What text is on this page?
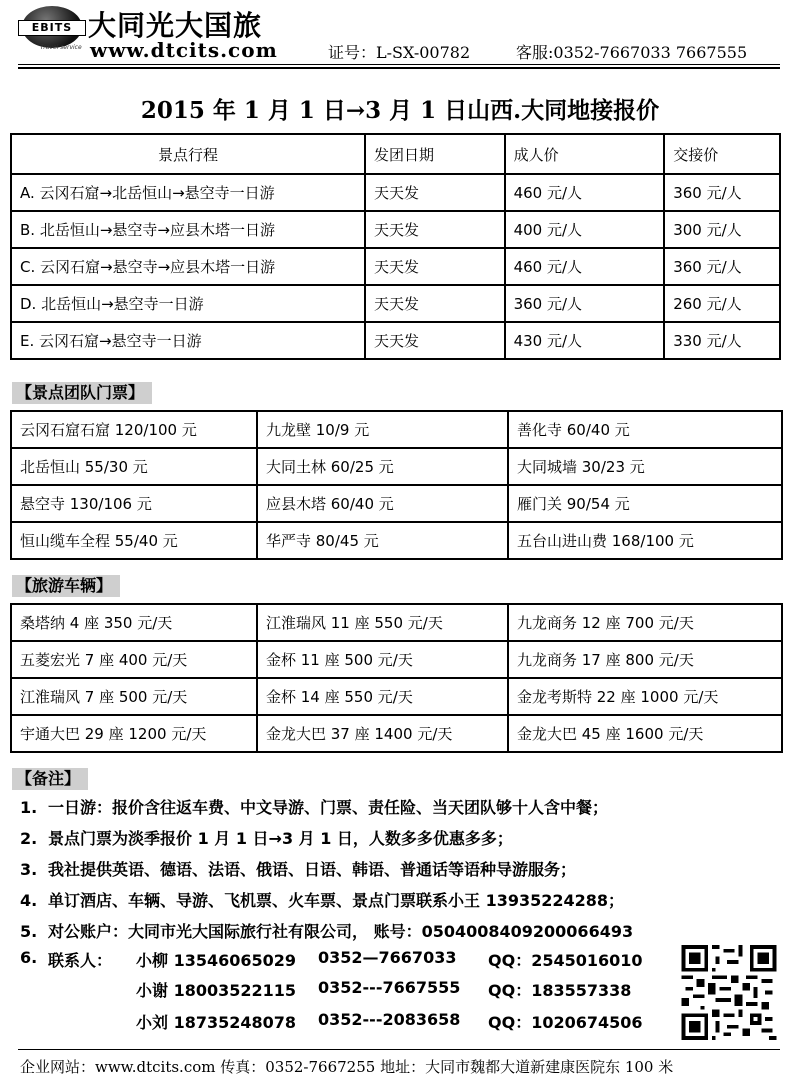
EBITS
Travel service
大同光大国旅
www.dtcits.com	证号：L-SX-00782	客服:0352-7667033 7667555
2015 年 1 月 1 日→3 月 1 日山西.大同地接报价
景点行程	发团日期	成人价	交接价
A. 云冈石窟→北岳恒山→悬空寺一日游	天天发	460 元/人	360 元/人
B. 北岳恒山→悬空寺→应县木塔一日游	天天发	400 元/人	300 元/人
C. 云冈石窟→悬空寺→应县木塔一日游	天天发	460 元/人	360 元/人
D. 北岳恒山→悬空寺一日游	天天发	360 元/人	260 元/人
E. 云冈石窟→悬空寺一日游	天天发	430 元/人	330 元/人
【景点团队门票】
云冈石窟石窟 120/100 元	九龙壁 10/9 元	善化寺 60/40 元
北岳恒山 55/30 元	大同土林 60/25 元	大同城墙 30/23 元
悬空寺 130/106 元	应县木塔 60/40 元	雁门关 90/54 元
恒山缆车全程 55/40 元	华严寺 80/45 元	五台山进山费 168/100 元
【旅游车辆】
桑塔纳 4 座 350 元/天	江淮瑞风 11 座 550 元/天	九龙商务 12 座 700 元/天
五菱宏光 7 座 400 元/天	金杯 11 座 500 元/天	九龙商务 17 座 800 元/天
江淮瑞风 7 座 500 元/天	金杯 14 座 550 元/天	金龙考斯特 22 座 1000 元/天
宇通大巴 29 座 1200 元/天	金龙大巴 37 座 1400 元/天	金龙大巴 45 座 1600 元/天
【备注】
1. 一日游：报价含往返车费、中文导游、门票、责任险、当天团队够十人含中餐；
2. 景点门票为淡季报价 1 月 1 日→3 月 1 日，人数多多优惠多多；
3. 我社提供英语、德语、法语、俄语、日语、韩语、普通话等语种导游服务；
4. 单订酒店、车辆、导游、飞机票、火车票、景点门票联系小王 13935224288；
5. 对公账户：大同市光大国际旅行社有限公司， 账号：0504008409200066493
6. 联系人： 小柳 13546065029 0352—7667033 QQ：2545016010
小谢 18003522115 0352---7667555 QQ：183557338
小刘 18735248078 0352---2083658 QQ：1020674506
企业网站：www.dtcits.com 传真：0352-7667255 地址：大同市魏都大道新建康医院东 100 米
